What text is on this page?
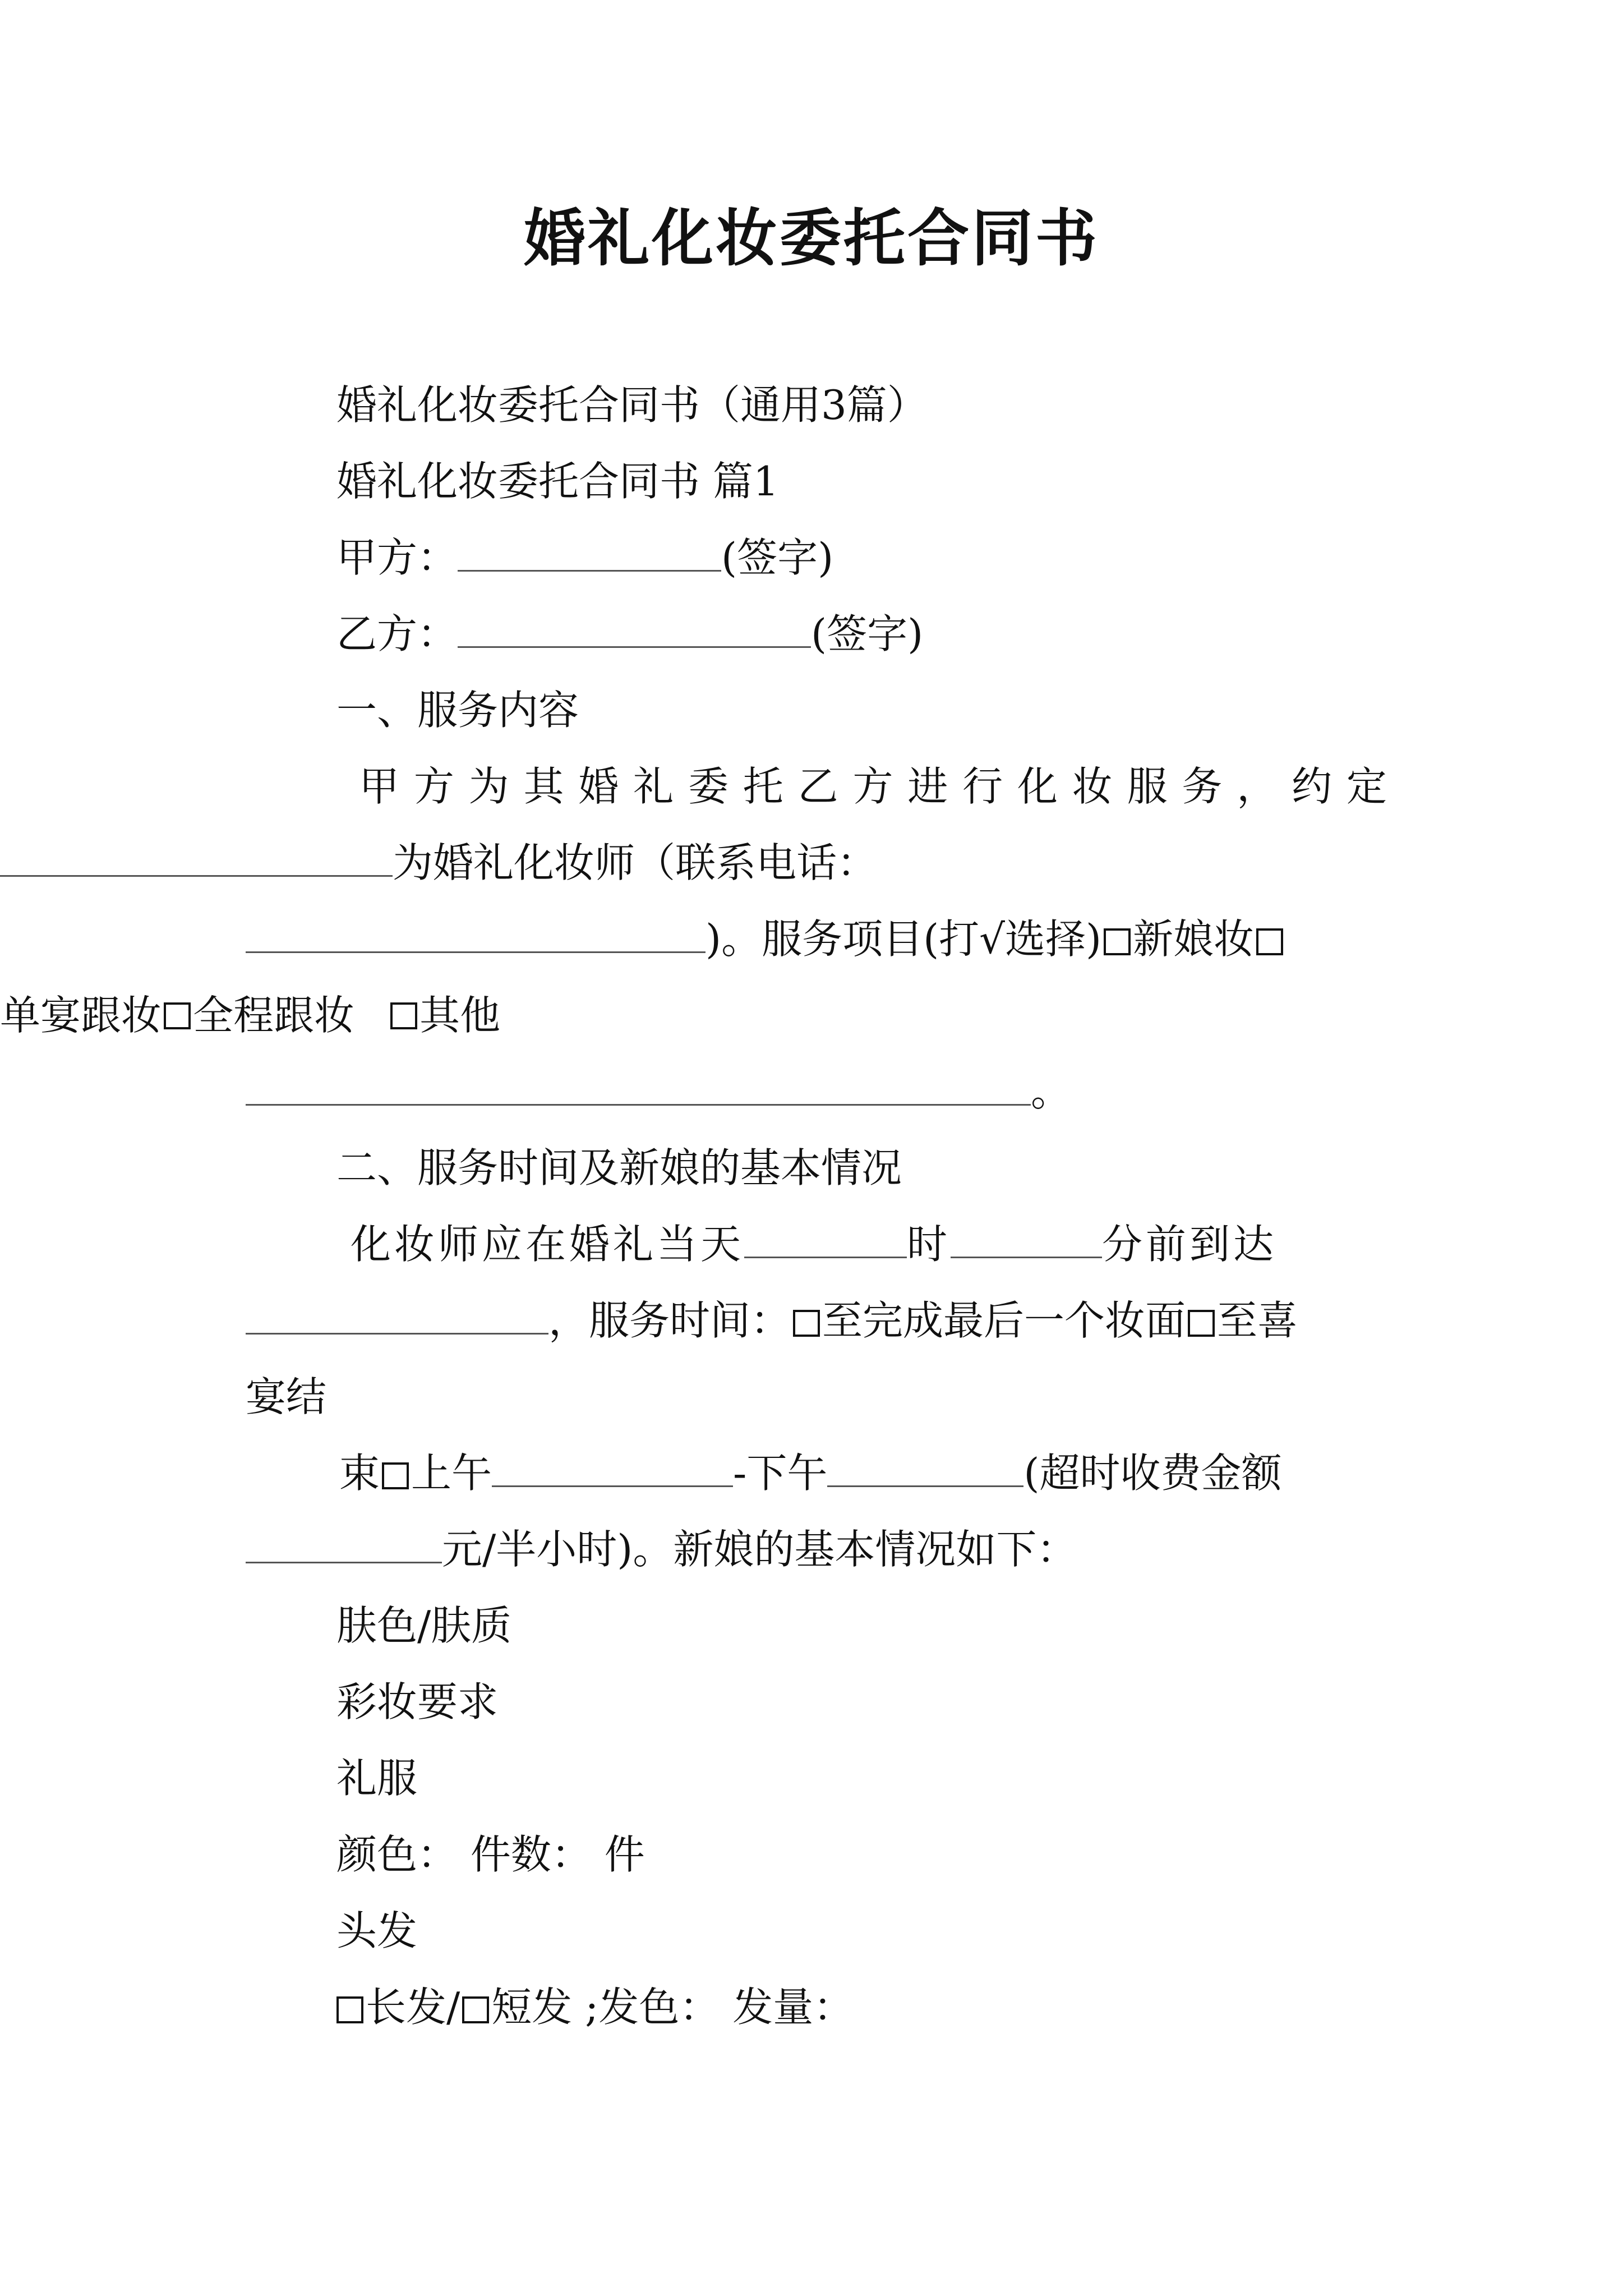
婚礼化妆委托合同书
婚礼化妆委托合同书（通用3篇）
婚礼化妆委托合同书 篇1
甲方：	(签字)
乙方：	(签字)
一、服务内容
甲 方 为 其 婚 礼 委 托 乙 方 进 行 化 妆 服 务 ， 约 定
为 婚 礼 化 妆 师 （ 联 系 电 话 ：
)。服务项目(打√选择) 新娘妆
单 宴 跟 妆 全 程 跟 妆 其 他
。
二、服务时间及新娘的基本情况
化妆师应在婚礼当天	时	分前到达
，服务时间： 至完成最后一个妆面 至喜
宴结
束 上午	-下午	(超时收费金额
元/半小时)。新娘的基本情况如下：
肤色/肤质
彩妆要求
礼服
颜色： 件数： 件
头发
长发/ 短发 ;发色： 发量：
